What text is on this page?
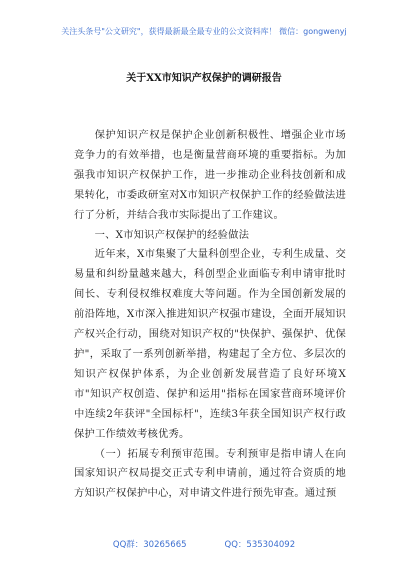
关注头条号"公文研究"，获得最新最全最专业的公文资料库！ 微信：gongwenyj
关于XX市知识产权保护的调研报告

保护知识产权是保护企业创新积极性、增强企业市场竞争力的有效举措，也是衡量营商环境的重要指标。为加强我市知识产权保护工作，进一步推动企业科技创新和成果转化，市委政研室对X市知识产权保护工作的经验做法进行了分析，并结合我市实际提出了工作建议。

一、X市知识产权保护的经验做法

近年来，X市集聚了大量科创型企业，专利生成量、交易量和纠纷量越来越大，科创型企业面临专利申请审批时间长、专利侵权维权难度大等问题。作为全国创新发展的前沿阵地，X市深入推进知识产权强市建设，全面开展知识产权兴企行动，围绕对知识产权的"快保护、强保护、优保护"，采取了一系列创新举措，构建起了全方位、多层次的知识产权保护体系，为企业创新发展营造了良好环境X市"知识产权创造、保护和运用"指标在国家营商环境评价中连续2年获评"全国标杆"，连续3年获全国知识产权行政保护工作绩效考核优秀。

（一）拓展专利预审范围。专利预审是指申请人在向国家知识产权局提交正式专利申请前，通过符合资质的地方知识产权保护中心，对申请文件进行预先审查。通过预

QQ群：30265665	QQ：535304092
